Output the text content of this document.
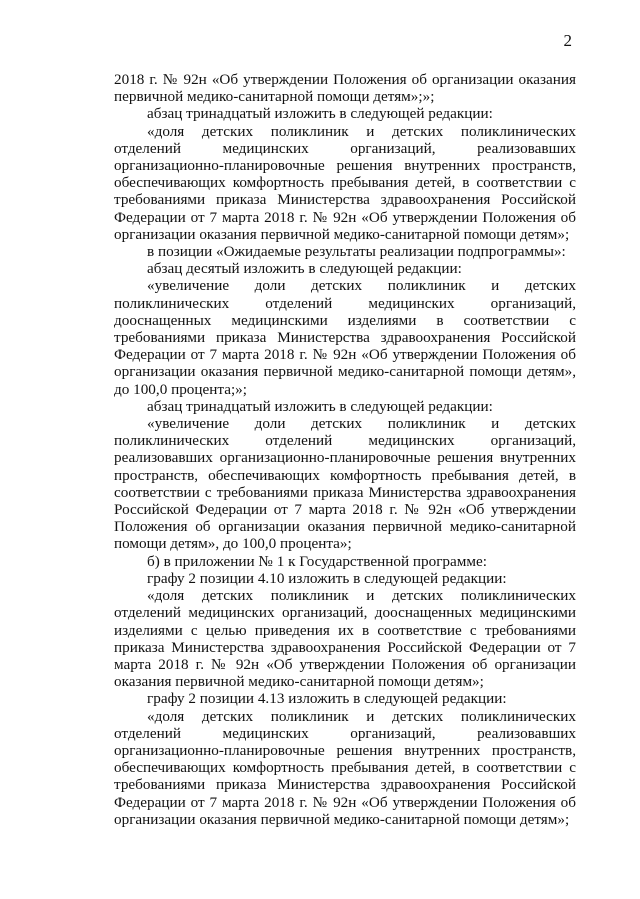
2

2018 г. № 92н «Об утверждении Положения об организации оказания первичной медико-санитарной помощи детям»;»;

абзац тринадцатый изложить в следующей редакции:

«доля детских поликлиник и детских поликлинических отделений медицинских организаций, реализовавших организационно-планировочные решения внутренних пространств, обеспечивающих комфортность пребывания детей, в соответствии с требованиями приказа Министерства здравоохранения Российской Федерации от 7 марта 2018 г. № 92н «Об утверждении Положения об организации оказания первичной медико-санитарной помощи детям»;

в позиции «Ожидаемые результаты реализации подпрограммы»:

абзац десятый изложить в следующей редакции:

«увеличение доли детских поликлиник и детских поликлинических отделений медицинских организаций, дооснащенных медицинскими изделиями в соответствии с требованиями приказа Министерства здравоохранения Российской Федерации от 7 марта 2018 г. № 92н «Об утверждении Положения об организации оказания первичной медико-санитарной помощи детям», до 100,0 процента;»;

абзац тринадцатый изложить в следующей редакции:

«увеличение доли детских поликлиник и детских поликлинических отделений медицинских организаций, реализовавших организационно-планировочные решения внутренних пространств, обеспечивающих комфортность пребывания детей, в соответствии с требованиями приказа Министерства здравоохранения Российской Федерации от 7 марта 2018 г. № 92н «Об утверждении Положения об организации оказания первичной медико-санитарной помощи детям», до 100,0 процента»;

б) в приложении № 1 к Государственной программе:

графу 2 позиции 4.10 изложить в следующей редакции:

«доля детских поликлиник и детских поликлинических отделений медицинских организаций, дооснащенных медицинскими изделиями с целью приведения их в соответствие с требованиями приказа Министерства здравоохранения Российской Федерации от 7 марта 2018 г. № 92н «Об утверждении Положения об организации оказания первичной медико-санитарной помощи детям»;

графу 2 позиции 4.13 изложить в следующей редакции:

«доля детских поликлиник и детских поликлинических отделений медицинских организаций, реализовавших организационно-планировочные решения внутренних пространств, обеспечивающих комфортность пребывания детей, в соответствии с требованиями приказа Министерства здравоохранения Российской Федерации от 7 марта 2018 г. № 92н «Об утверждении Положения об организации оказания первичной медико-санитарной помощи детям»;
